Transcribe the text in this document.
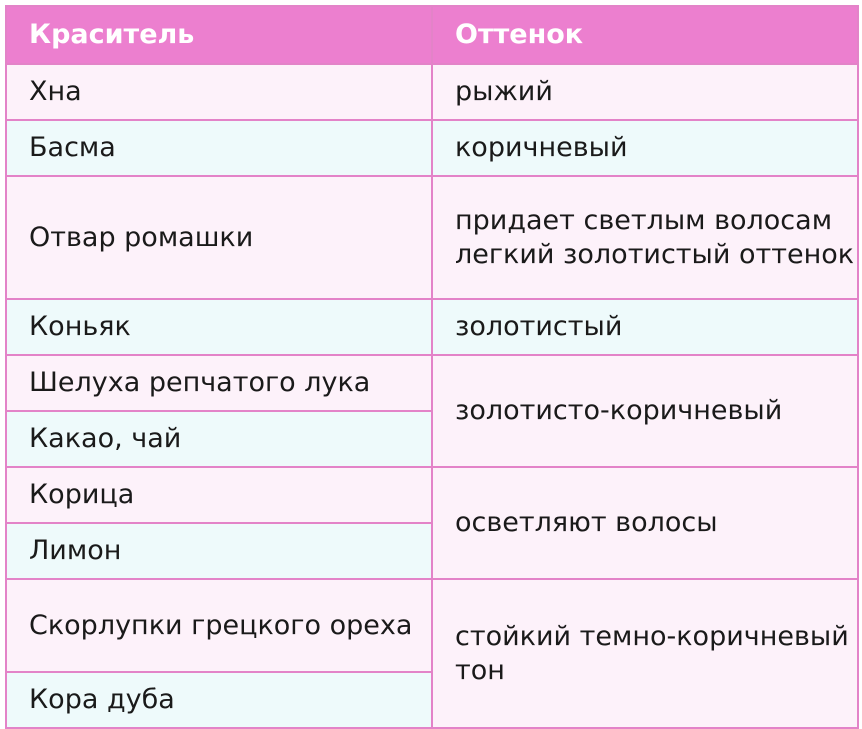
Краситель	Оттенок
Хна	рыжий
Басма	коричневый
Отвар ромашки	придает светлым волосам легкий золотистый оттенок
Коньяк	золотистый
Шелуха репчатого лука	золотисто-коричневый
Какао, чай	
Корица	осветляют волосы
Лимон	
Скорлупки грецкого ореха	стойкий темно-коричневый тон
Кора дуба	
